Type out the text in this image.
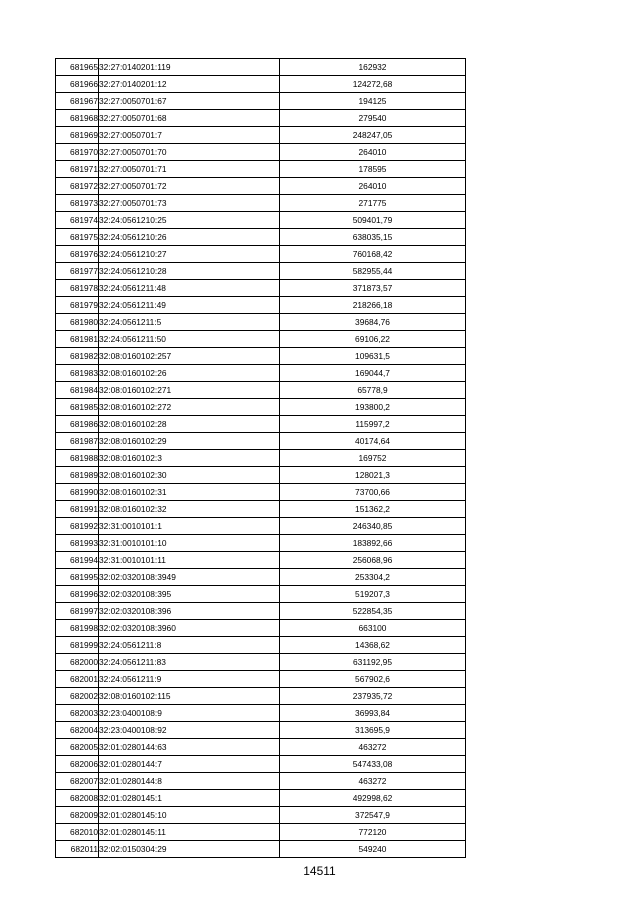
681965	32:27:0140201:119	162932
681966	32:27:0140201:12	124272,68
681967	32:27:0050701:67	194125
681968	32:27:0050701:68	279540
681969	32:27:0050701:7	248247,05
681970	32:27:0050701:70	264010
681971	32:27:0050701:71	178595
681972	32:27:0050701:72	264010
681973	32:27:0050701:73	271775
681974	32:24:0561210:25	509401,79
681975	32:24:0561210:26	638035,15
681976	32:24:0561210:27	760168,42
681977	32:24:0561210:28	582955,44
681978	32:24:0561211:48	371873,57
681979	32:24:0561211:49	218266,18
681980	32:24:0561211:5	39684,76
681981	32:24:0561211:50	69106,22
681982	32:08:0160102:257	109631,5
681983	32:08:0160102:26	169044,7
681984	32:08:0160102:271	65778,9
681985	32:08:0160102:272	193800,2
681986	32:08:0160102:28	115997,2
681987	32:08:0160102:29	40174,64
681988	32:08:0160102:3	169752
681989	32:08:0160102:30	128021,3
681990	32:08:0160102:31	73700,66
681991	32:08:0160102:32	151362,2
681992	32:31:0010101:1	246340,85
681993	32:31:0010101:10	183892,66
681994	32:31:0010101:11	256068,96
681995	32:02:0320108:3949	253304,2
681996	32:02:0320108:395	519207,3
681997	32:02:0320108:396	522854,35
681998	32:02:0320108:3960	663100
681999	32:24:0561211:8	14368,62
682000	32:24:0561211:83	631192,95
682001	32:24:0561211:9	567902,6
682002	32:08:0160102:115	237935,72
682003	32:23:0400108:9	36993,84
682004	32:23:0400108:92	313695,9
682005	32:01:0280144:63	463272
682006	32:01:0280144:7	547433,08
682007	32:01:0280144:8	463272
682008	32:01:0280145:1	492998,62
682009	32:01:0280145:10	372547,9
682010	32:01:0280145:11	772120
682011	32:02:0150304:29	549240
14511
